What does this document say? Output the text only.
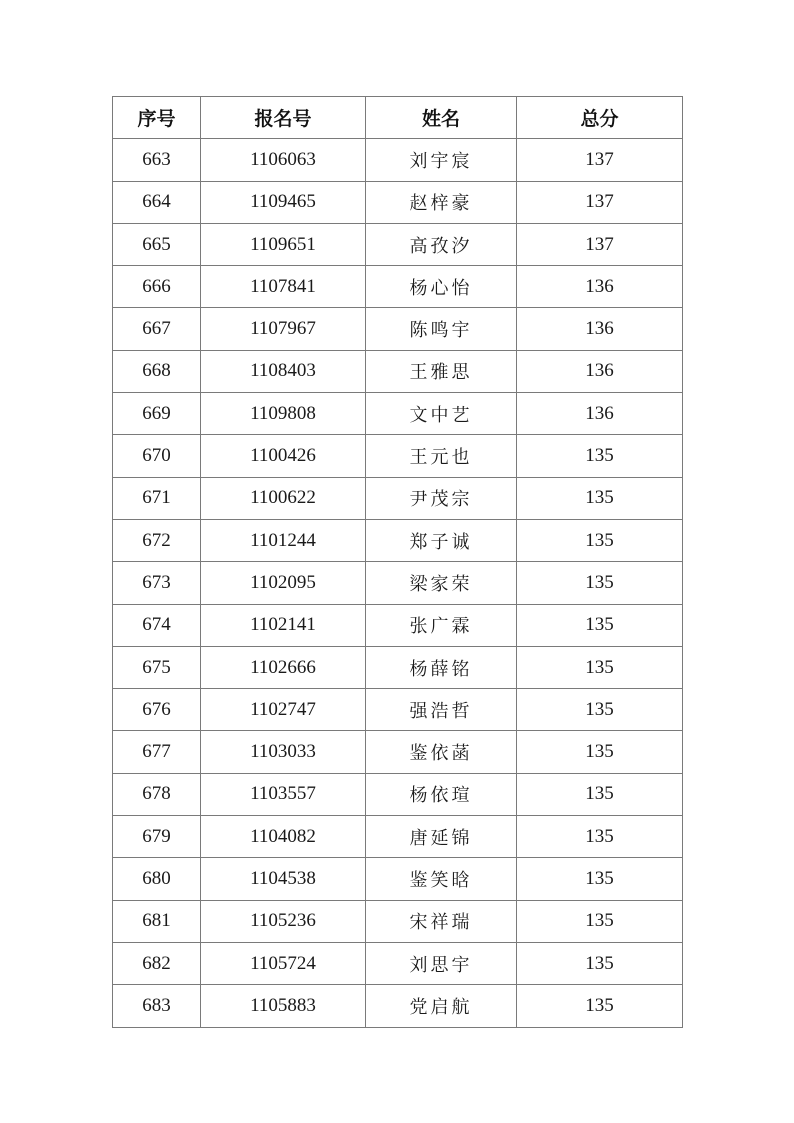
序号	报名号	姓名	总分
663	1106063	刘宇宸	137
664	1109465	赵梓豪	137
665	1109651	高孜汐	137
666	1107841	杨心怡	136
667	1107967	陈鸣宇	136
668	1108403	王雅思	136
669	1109808	文中艺	136
670	1100426	王元也	135
671	1100622	尹茂宗	135
672	1101244	郑子诚	135
673	1102095	梁家荣	135
674	1102141	张广霖	135
675	1102666	杨薛铭	135
676	1102747	强浩哲	135
677	1103033	鉴依菡	135
678	1103557	杨依瑄	135
679	1104082	唐延锦	135
680	1104538	鉴笑晗	135
681	1105236	宋祥瑞	135
682	1105724	刘思宇	135
683	1105883	党启航	135
